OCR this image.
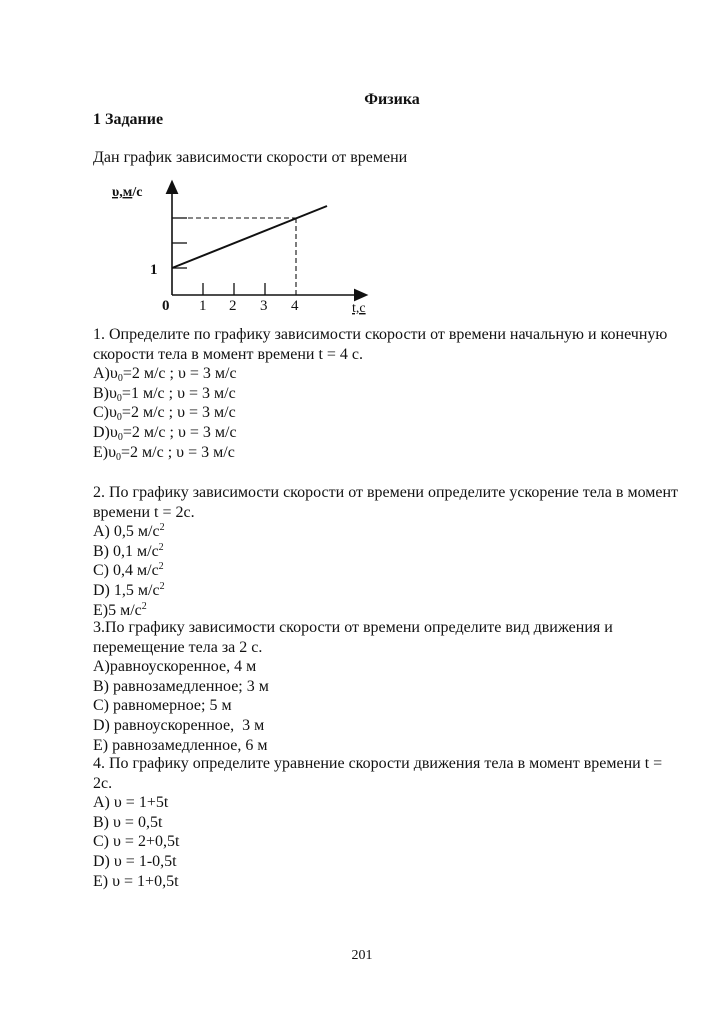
Физика
1 Задание
Дан график зависимости скорости от времени
υ,м/с
1
0 1 2 3 4	t,c

1. Определите по графику зависимости скорости от времени начальную и конечную скорости тела в момент времени t = 4 с.

$A)\upsilon_0=2$ м/с ; υ = 3 м/с

$B)\upsilon_0=1$ м/с ; υ = 3 м/с

$C)\upsilon_0=2$ м/с ; υ = 3 м/с

$D)\upsilon_0=2$ м/с ; υ = 3 м/с

$E)\upsilon_0=2$ м/с ; υ = 3 м/с

2. По графику зависимости скорости от времени определите ускорение тела в момент времени t = 2с.

A) 0,5 $м/с^2$

B) 0,1 $м/с^2$

C) 0,4 $м/с^2$

D) 1,5 $м/с^2$

E)5 $м/с^2$

3.По графику зависимости скорости от времени определите вид движения и перемещение тела за 2 с.

A)равноускоренное, 4 м

B) равнозамедленное; 3 м

C) равномерное; 5 м

D) равноускоренное,  3 м

E) равнозамедленное, 6 м

4. По графику определите уравнение скорости движения тела в момент времени t = 2с.

A) υ = 1+5t

B) υ = 0,5t

C) υ = 2+0,5t

D) υ = 1-0,5t

E) υ = 1+0,5t

201
